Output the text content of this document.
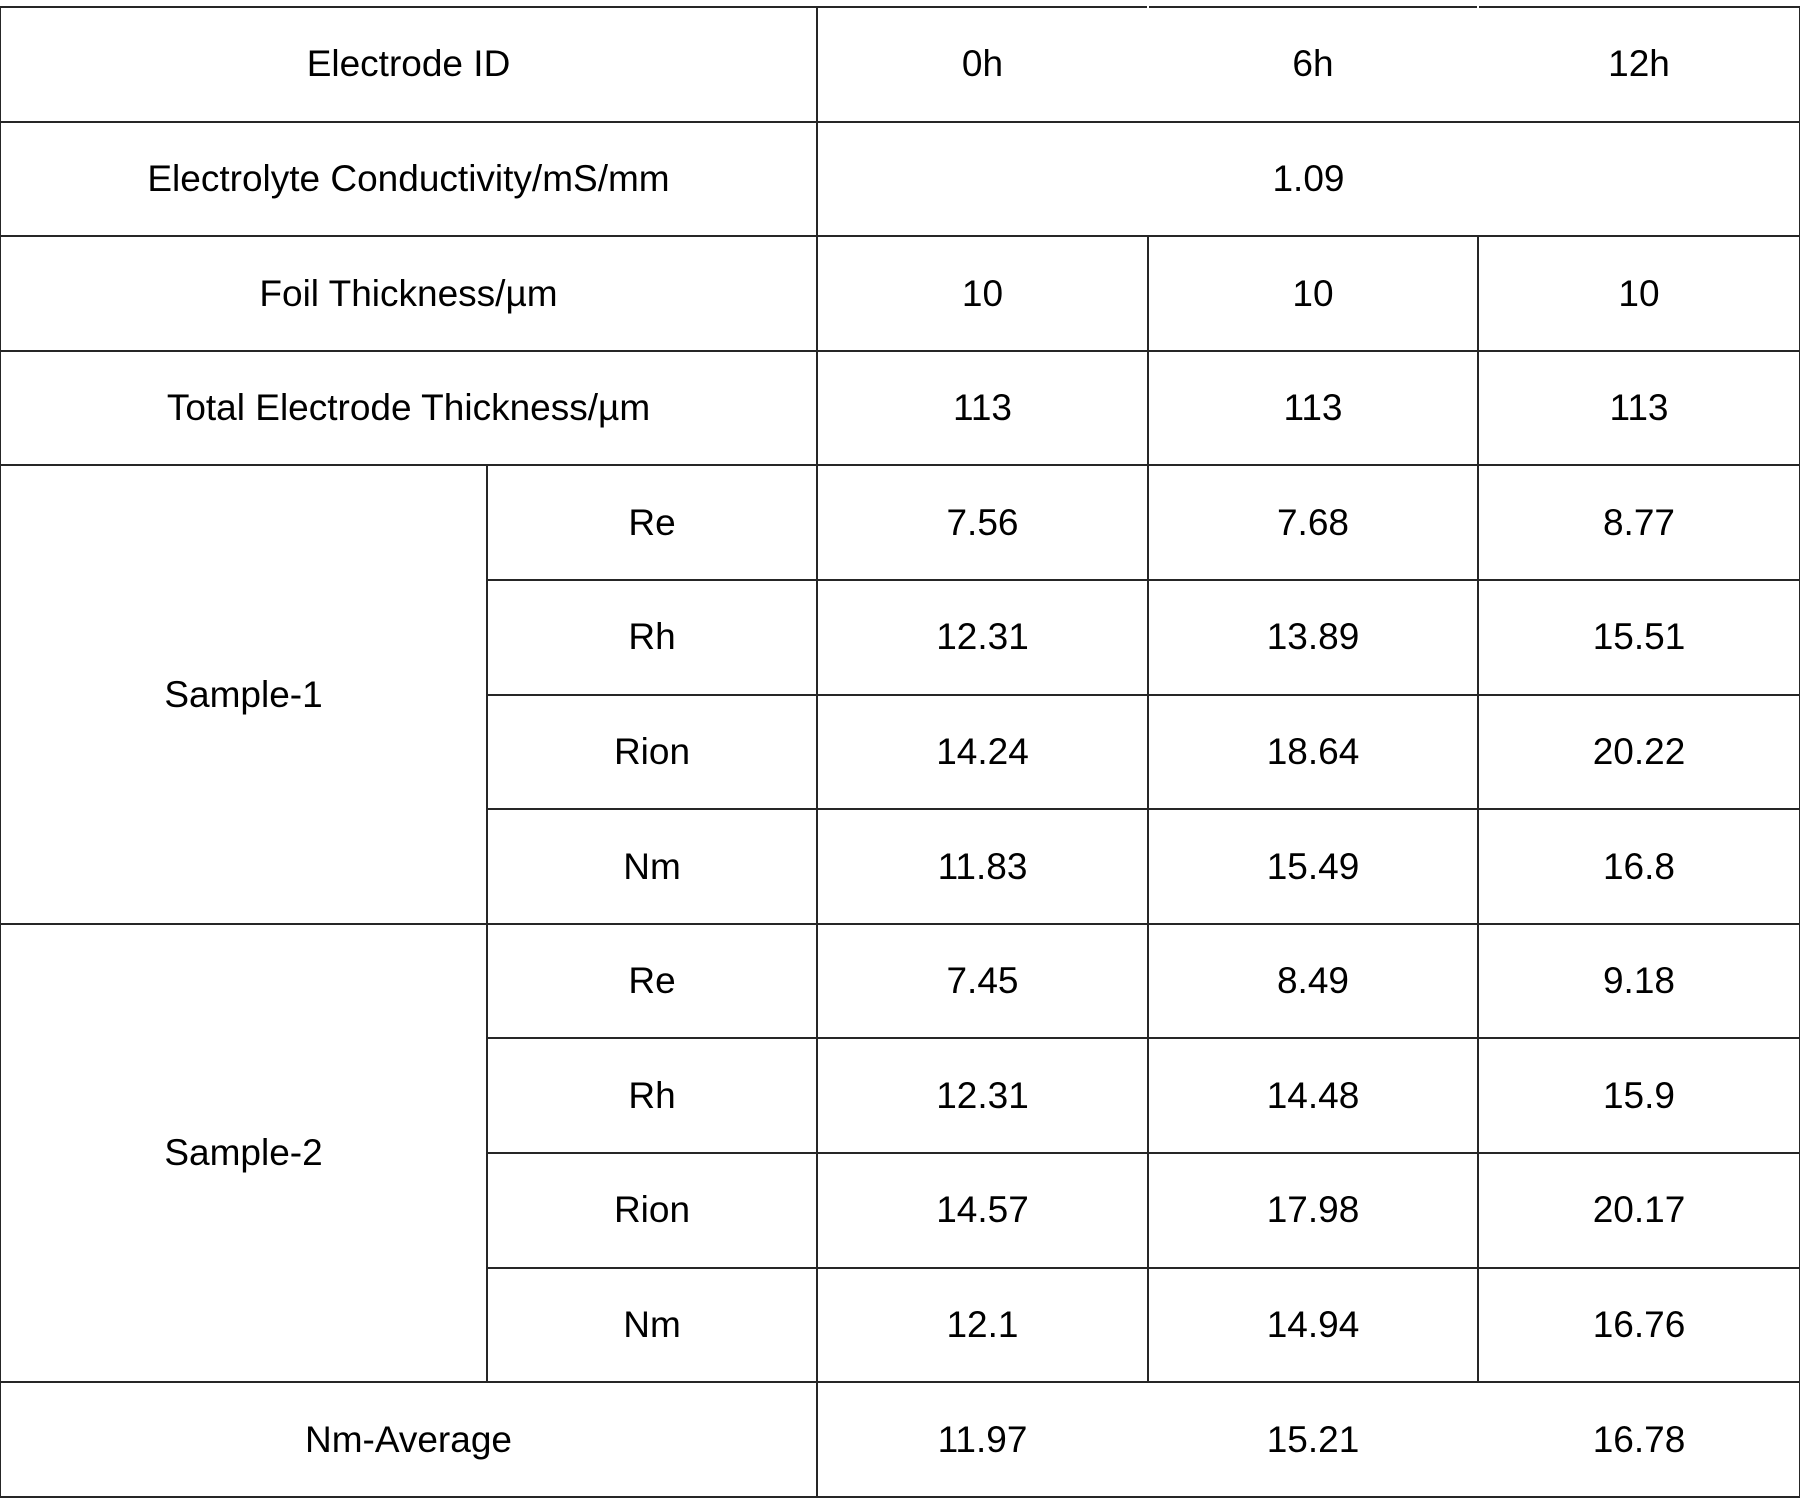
Electrode ID		0h	6h	12h
Electrolyte Conductivity/mS/mm		1.09		
Foil Thickness/µm		10	10	10
Total Electrode Thickness/µm		113	113	113
Sample-1	Re	7.56	7.68	8.77
	Rh	12.31	13.89	15.51
	Rion	14.24	18.64	20.22
	Nm	11.83	15.49	16.8
Sample-2	Re	7.45	8.49	9.18
	Rh	12.31	14.48	15.9
	Rion	14.57	17.98	20.17
	Nm	12.1	14.94	16.76
Nm-Average		11.97	15.21	16.78
